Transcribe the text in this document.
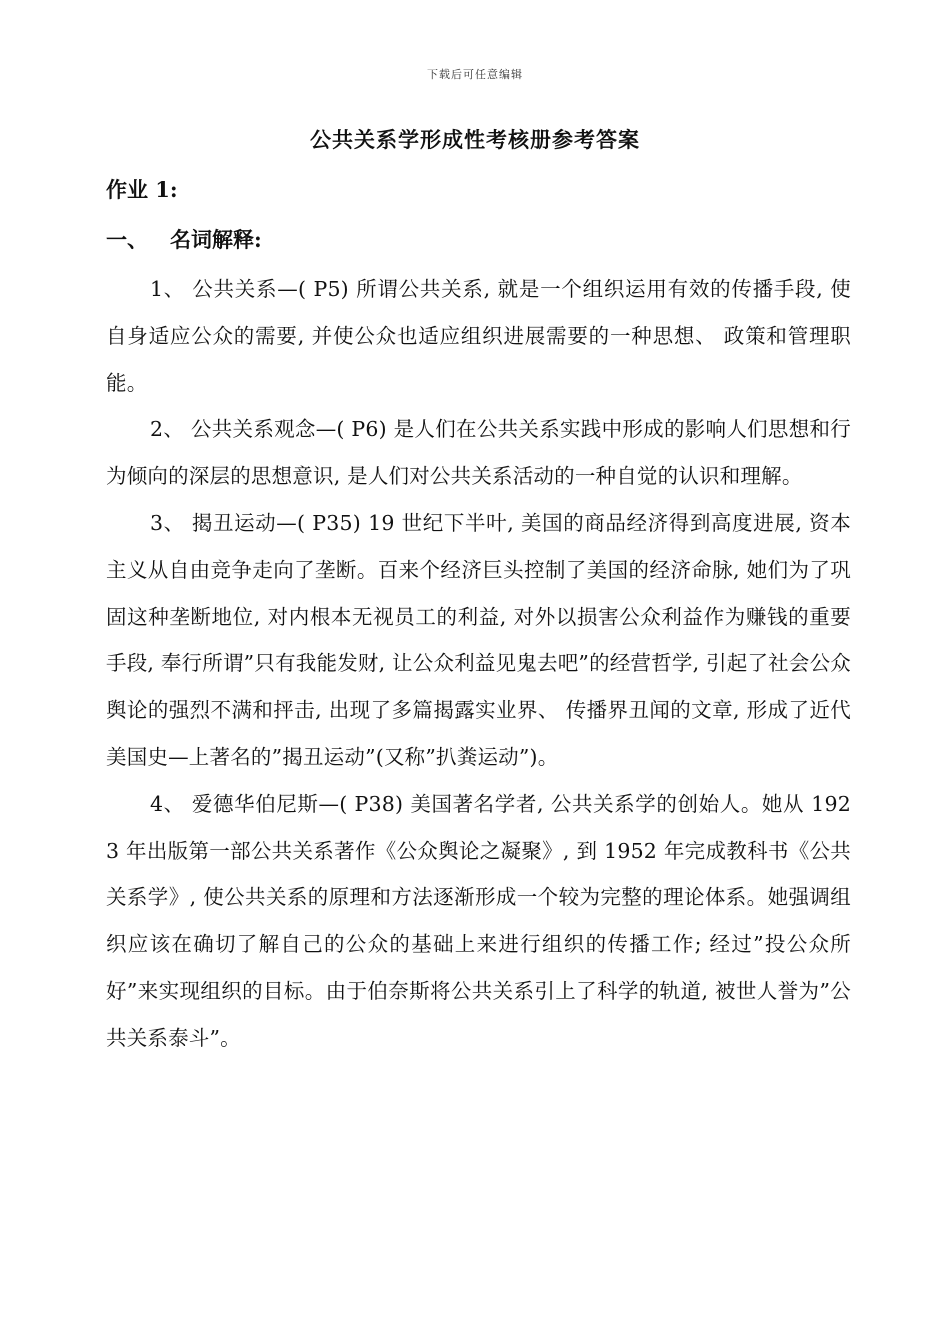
下载后可任意编辑
公共关系学形成性考核册参考答案
作业 1:
一、 名词解释:

1、 公共关系—( P5) 所谓公共关系, 就是一个组织运用有效的传播手段, 使自身适应公众的需要, 并使公众也适应组织进展需要的一种思想、 政策和管理职能。

2、 公共关系观念—( P6) 是人们在公共关系实践中形成的影响人们思想和行为倾向的深层的思想意识, 是人们对公共关系活动的一种自觉的认识和理解。

3、 揭丑运动—( P35) 19 世纪下半叶, 美国的商品经济得到高度进展, 资本主义从自由竞争走向了垄断。百来个经济巨头控制了美国的经济命脉, 她们为了巩固这种垄断地位, 对内根本无视员工的利益, 对外以损害公众利益作为赚钱的重要手段, 奉行所谓”只有我能发财, 让公众利益见鬼去吧”的经营哲学, 引起了社会公众舆论的强烈不满和抨击, 出现了多篇揭露实业界、 传播界丑闻的文章, 形成了近代美国史—上著名的”揭丑运动”(又称”扒粪运动”)。

4、 爱德华伯尼斯—( P38) 美国著名学者, 公共关系学的创始人。她从 1923 年出版第一部公共关系著作《公众舆论之凝聚》, 到 1952 年完成教科书《公共关系学》, 使公共关系的原理和方法逐渐形成一个较为完整的理论体系。她强调组织应该在确切了解自己的公众的基础上来进行组织的传播工作; 经过”投公众所好”来实现组织的目标。由于伯奈斯将公共关系引上了科学的轨道, 被世人誉为”公共关系泰斗”。
